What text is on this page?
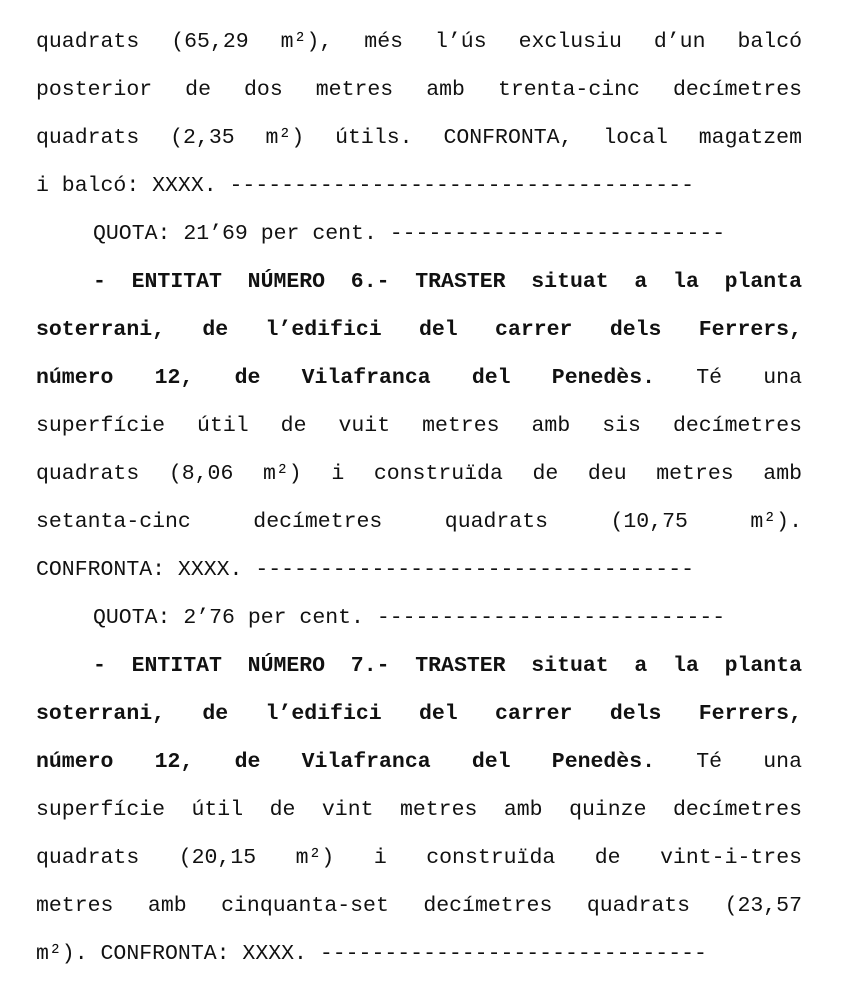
quadrats (65,29 m²), més l’ús exclusiu d’un balcó
posterior de dos metres amb trenta-cinc decímetres
quadrats (2,35 m²) útils. CONFRONTA, local magatzem
i balcó: XXXX. ------------------------------------
QUOTA: 21’69 per cent. --------------------------
- ENTITAT NÚMERO 6.- TRASTER situat a la planta
soterrani, de l’edifici del carrer dels Ferrers,
número 12, de Vilafranca del Penedès. Té una
superfície útil de vuit metres amb sis decímetres
quadrats (8,06 m²) i construïda de deu metres amb
setanta-cinc decímetres quadrats (10,75 m²).
CONFRONTA: XXXX. ----------------------------------
QUOTA: 2’76 per cent. ---------------------------
- ENTITAT NÚMERO 7.- TRASTER situat a la planta
soterrani, de l’edifici del carrer dels Ferrers,
número 12, de Vilafranca del Penedès. Té una
superfície útil de vint metres amb quinze decímetres
quadrats (20,15 m²) i construïda de vint-i-tres
metres amb cinquanta-set decímetres quadrats (23,57
m²). CONFRONTA: XXXX. ------------------------------
